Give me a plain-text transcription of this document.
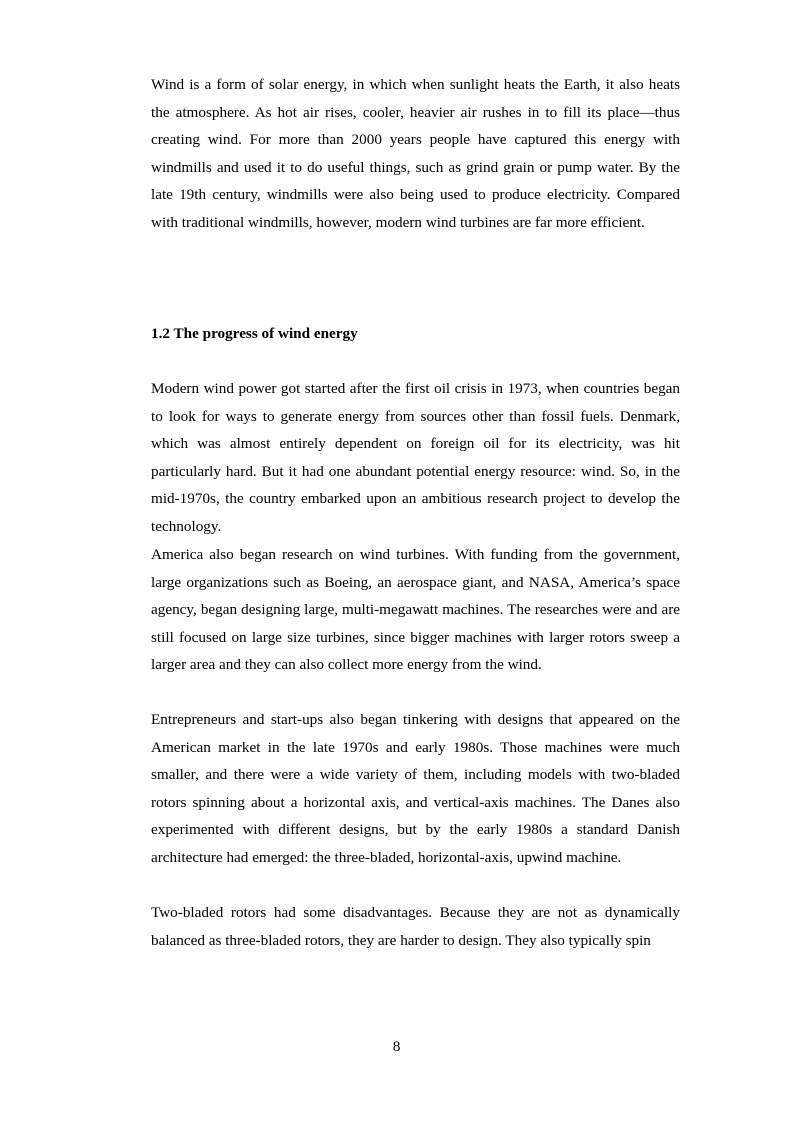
Wind is a form of solar energy, in which when sunlight heats the Earth, it also heats the atmosphere. As hot air rises, cooler, heavier air rushes in to fill its place—thus creating wind. For more than 2000 years people have captured this energy with windmills and used it to do useful things, such as grind grain or pump water. By the late 19th century, windmills were also being used to produce electricity. Compared with traditional windmills, however, modern wind turbines are far more efficient.

1.2 The progress of wind energy

Modern wind power got started after the first oil crisis in 1973, when countries began to look for ways to generate energy from sources other than fossil fuels. Denmark, which was almost entirely dependent on foreign oil for its electricity, was hit particularly hard. But it had one abundant potential energy resource: wind. So, in the mid-1970s, the country embarked upon an ambitious research project to develop the technology.

America also began research on wind turbines. With funding from the government, large organizations such as Boeing, an aerospace giant, and NASA, America’s space agency, began designing large, multi-megawatt machines. The researches were and are still focused on large size turbines, since bigger machines with larger rotors sweep a larger area and they can also collect more energy from the wind.

Entrepreneurs and start-ups also began tinkering with designs that appeared on the American market in the late 1970s and early 1980s. Those machines were much smaller, and there were a wide variety of them, including models with two-bladed rotors spinning about a horizontal axis, and vertical-axis machines. The Danes also experimented with different designs, but by the early 1980s a standard Danish architecture had emerged: the three-bladed, horizontal-axis, upwind machine.

Two-bladed rotors had some disadvantages. Because they are not as dynamically balanced as three-bladed rotors, they are harder to design. They also typically spin

8
